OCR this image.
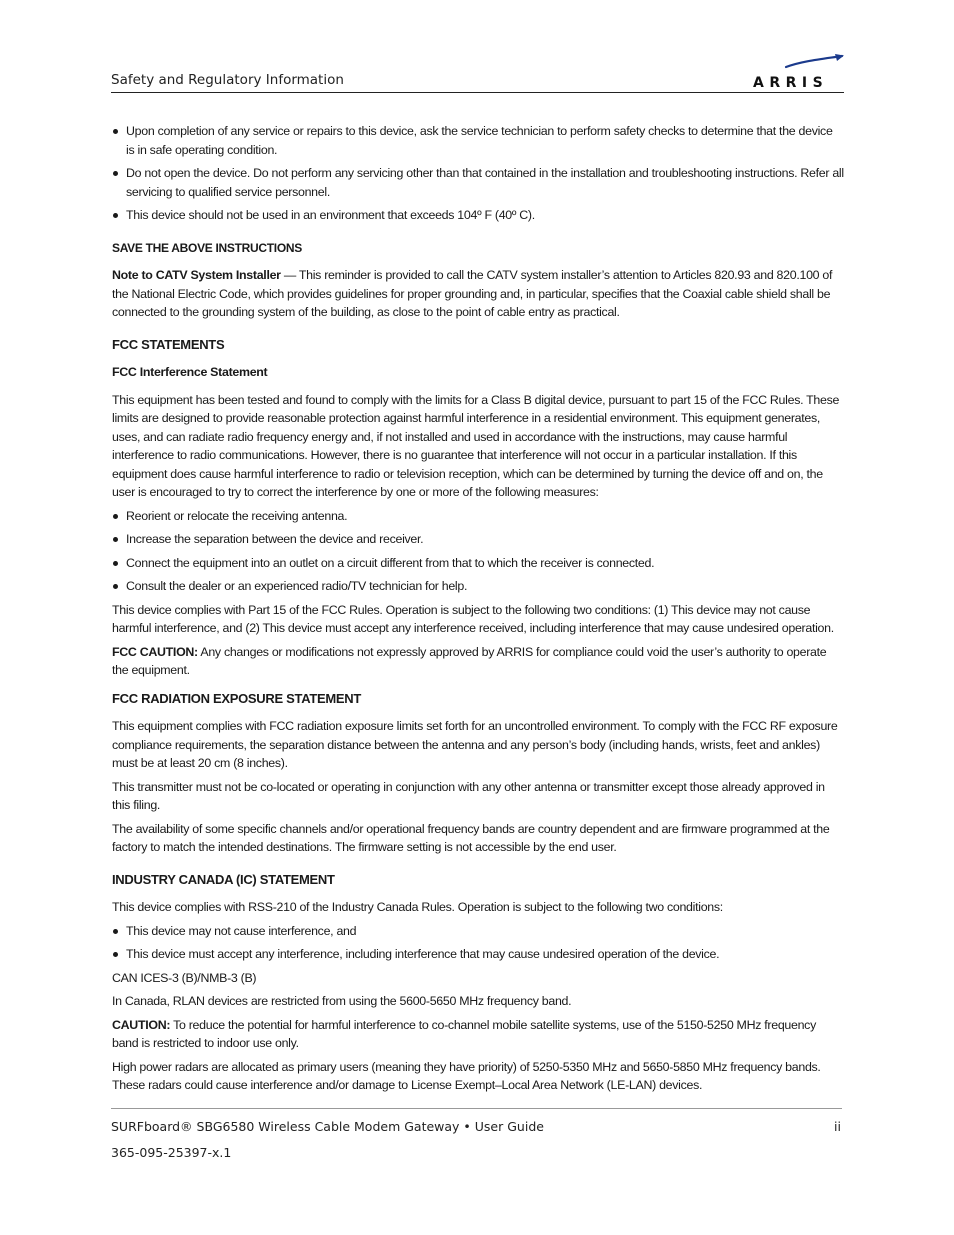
Safety and Regulatory Information	ARRIS
Upon completion of any service or repairs to this device, ask the service technician to perform safety checks to determine that the device is in safe operating condition.
Do not open the device. Do not perform any servicing other than that contained in the installation and troubleshooting instructions. Refer all servicing to qualified service personnel.
This device should not be used in an environment that exceeds 104º F (40º C).

SAVE THE ABOVE INSTRUCTIONS

Note to CATV System Installer — This reminder is provided to call the CATV system installer’s attention to Articles 820.93 and 820.100 of the National Electric Code, which provides guidelines for proper grounding and, in particular, specifies that the Coaxial cable shield shall be connected to the grounding system of the building, as close to the point of cable entry as practical.

FCC STATEMENTS

FCC Interference Statement

This equipment has been tested and found to comply with the limits for a Class B digital device, pursuant to part 15 of the FCC Rules. These limits are designed to provide reasonable protection against harmful interference in a residential environment. This equipment generates, uses, and can radiate radio frequency energy and, if not installed and used in accordance with the instructions, may cause harmful interference to radio communications. However, there is no guarantee that interference will not occur in a particular installation. If this equipment does cause harmful interference to radio or television reception, which can be determined by turning the device off and on, the user is encouraged to try to correct the interference by one or more of the following measures:

Reorient or relocate the receiving antenna.
Increase the separation between the device and receiver.
Connect the equipment into an outlet on a circuit different from that to which the receiver is connected.
Consult the dealer or an experienced radio/TV technician for help.

This device complies with Part 15 of the FCC Rules. Operation is subject to the following two conditions: (1) This device may not cause harmful interference, and (2) This device must accept any interference received, including interference that may cause undesired operation.

FCC CAUTION: Any changes or modifications not expressly approved by ARRIS for compliance could void the user’s authority to operate the equipment.

FCC RADIATION EXPOSURE STATEMENT

This equipment complies with FCC radiation exposure limits set forth for an uncontrolled environment. To comply with the FCC RF exposure compliance requirements, the separation distance between the antenna and any person’s body (including hands, wrists, feet and ankles) must be at least 20 cm (8 inches).

This transmitter must not be co-located or operating in conjunction with any other antenna or transmitter except those already approved in this filing.

The availability of some specific channels and/or operational frequency bands are country dependent and are firmware programmed at the factory to match the intended destinations. The firmware setting is not accessible by the end user.

INDUSTRY CANADA (IC) STATEMENT

This device complies with RSS-210 of the Industry Canada Rules. Operation is subject to the following two conditions:

This device may not cause interference, and
This device must accept any interference, including interference that may cause undesired operation of the device.

CAN ICES-3 (B)/NMB-3 (B)

In Canada, RLAN devices are restricted from using the 5600-5650 MHz frequency band.

CAUTION: To reduce the potential for harmful interference to co-channel mobile satellite systems, use of the 5150-5250 MHz frequency band is restricted to indoor use only.

High power radars are allocated as primary users (meaning they have priority) of 5250-5350 MHz and 5650-5850 MHz frequency bands. These radars could cause interference and/or damage to License Exempt–Local Area Network (LE-LAN) devices.

SURFboard® SBG6580 Wireless Cable Modem Gateway • User Guide	ii
365-095-25397-x.1
